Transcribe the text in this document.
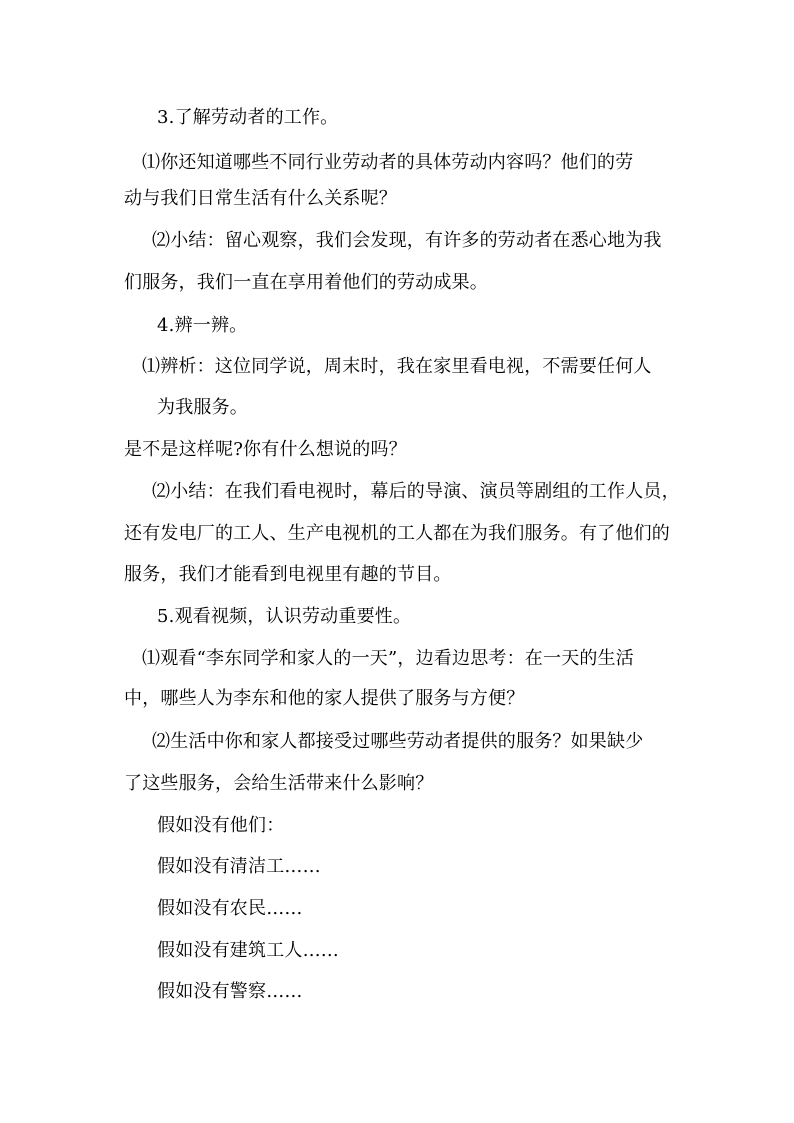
3.了解劳动者的工作。
⑴你还知道哪些不同行业劳动者的具体劳动内容吗？他们的劳
动与我们日常生活有什么关系呢？
⑵小结：留心观察，我们会发现，有许多的劳动者在悉心地为我
们服务，我们一直在享用着他们的劳动成果。
4.辨一辨。
⑴辨析：这位同学说，周末时，我在家里看电视，不需要任何人
为我服务。
是不是这样呢?你有什么想说的吗？
⑵小结：在我们看电视时，幕后的导演、演员等剧组的工作人员，
还有发电厂的工人、生产电视机的工人都在为我们服务。有了他们的
服务，我们才能看到电视里有趣的节目。
5.观看视频，认识劳动重要性。
⑴观看“李东同学和家人的一天”，边看边思考：在一天的生活
中，哪些人为李东和他的家人提供了服务与方便？
⑵生活中你和家人都接受过哪些劳动者提供的服务？如果缺少
了这些服务，会给生活带来什么影响？
假如没有他们：
假如没有清洁工……
假如没有农民……
假如没有建筑工人……
假如没有警察……
